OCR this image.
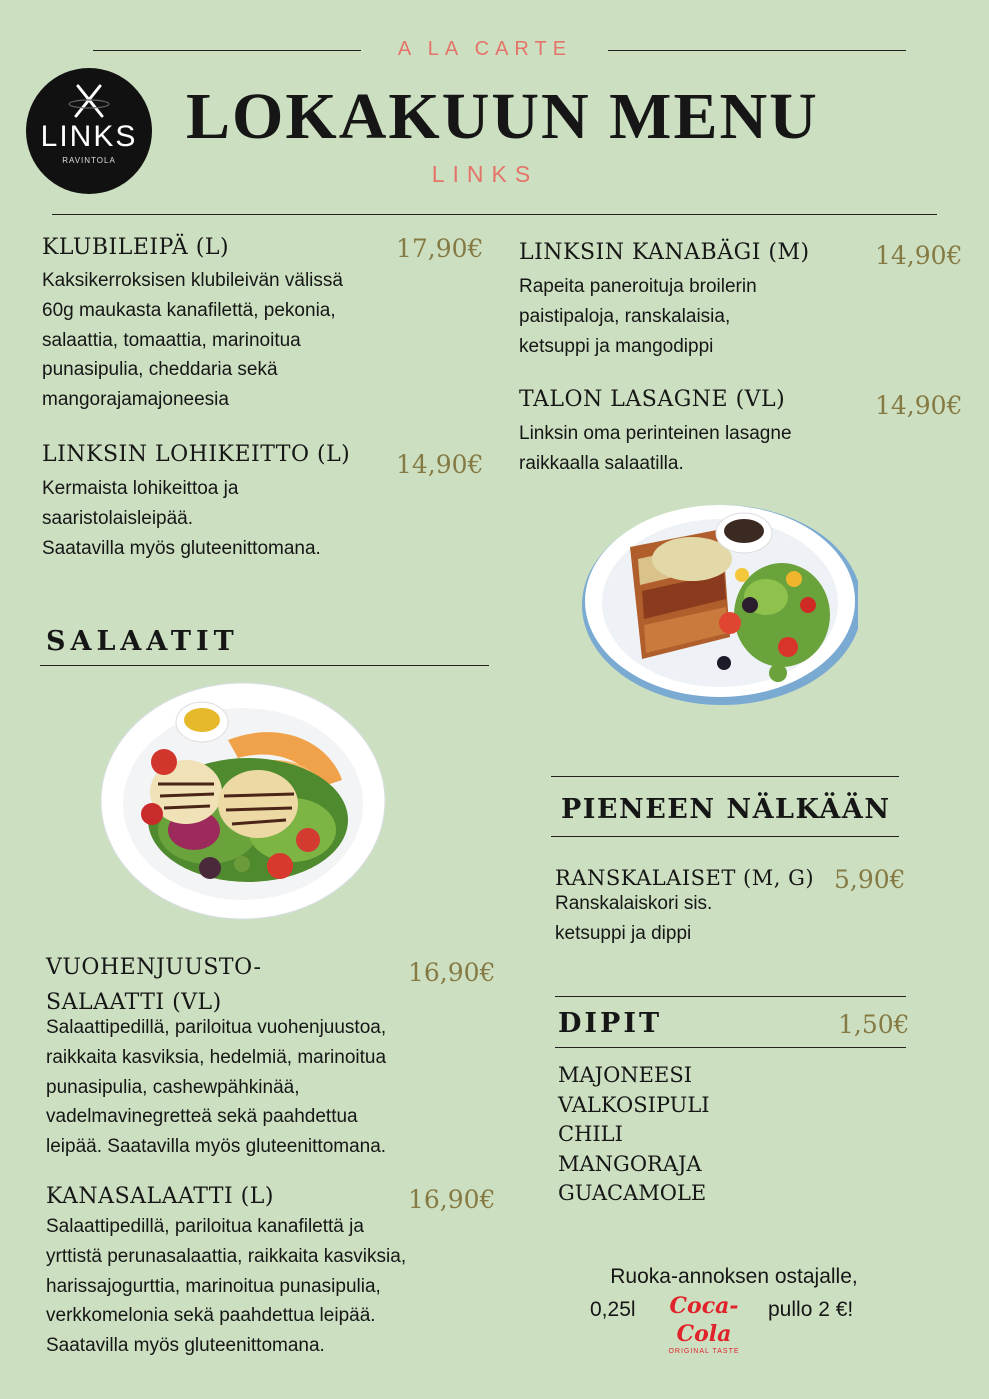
A LA CARTE
LINKS
RAVINTOLA
LOKAKUUN MENU
LINKS
KLUBILEIPÄ (L)	17,90€
Kaksikerroksisen klubileivän välissä
60g maukasta kanafilettä, pekonia,
salaattia, tomaattia, marinoitua
punasipulia, cheddaria sekä
mangorajamajoneesia
LINKSIN LOHIKEITTO (L) 14,90€
Kermaista lohikeittoa ja
saaristolaisleipää.
Saatavilla myös gluteenittomana.
LINKSIN KANABÄGI (M)	14,90€
Rapeita paneroituja broilerin
paistipaloja, ranskalaisia,
ketsuppi ja mangodippi
TALON LASAGNE (VL)	14,90€
Linksin oma perinteinen lasagne
raikkaalla salaatilla.
SALAATIT
VUOHENJUUSTO-
SALAATTI (VL)
16,90€
Salaattipedillä, pariloitua vuohenjuustoa,
raikkaita kasviksia, hedelmiä, marinoitua
punasipulia, cashewpähkinää,
vadelmavinegretteä sekä paahdettua
leipää. Saatavilla myös gluteenittomana.
KANASALAATTI (L)	16,90€
Salaattipedillä, pariloitua kanafilettä ja
yrttistä perunasalaattia, raikkaita kasviksia,
harissajogurttia, marinoitua punasipulia,
verkkomelonia sekä paahdettua leipää.
Saatavilla myös gluteenittomana.
PIENEEN NÄLKÄÄN
RANSKALAISET (M, G) 5,90€
Ranskalaiskori sis.
ketsuppi ja dippi
DIPIT	1,50€
MAJONEESI
VALKOSIPULI
CHILI
MANGORAJA
GUACAMOLE
Ruoka-annoksen ostajalle,
0,25l	Coca-Cola
ORIGINAL TASTE
pullo 2 €!
